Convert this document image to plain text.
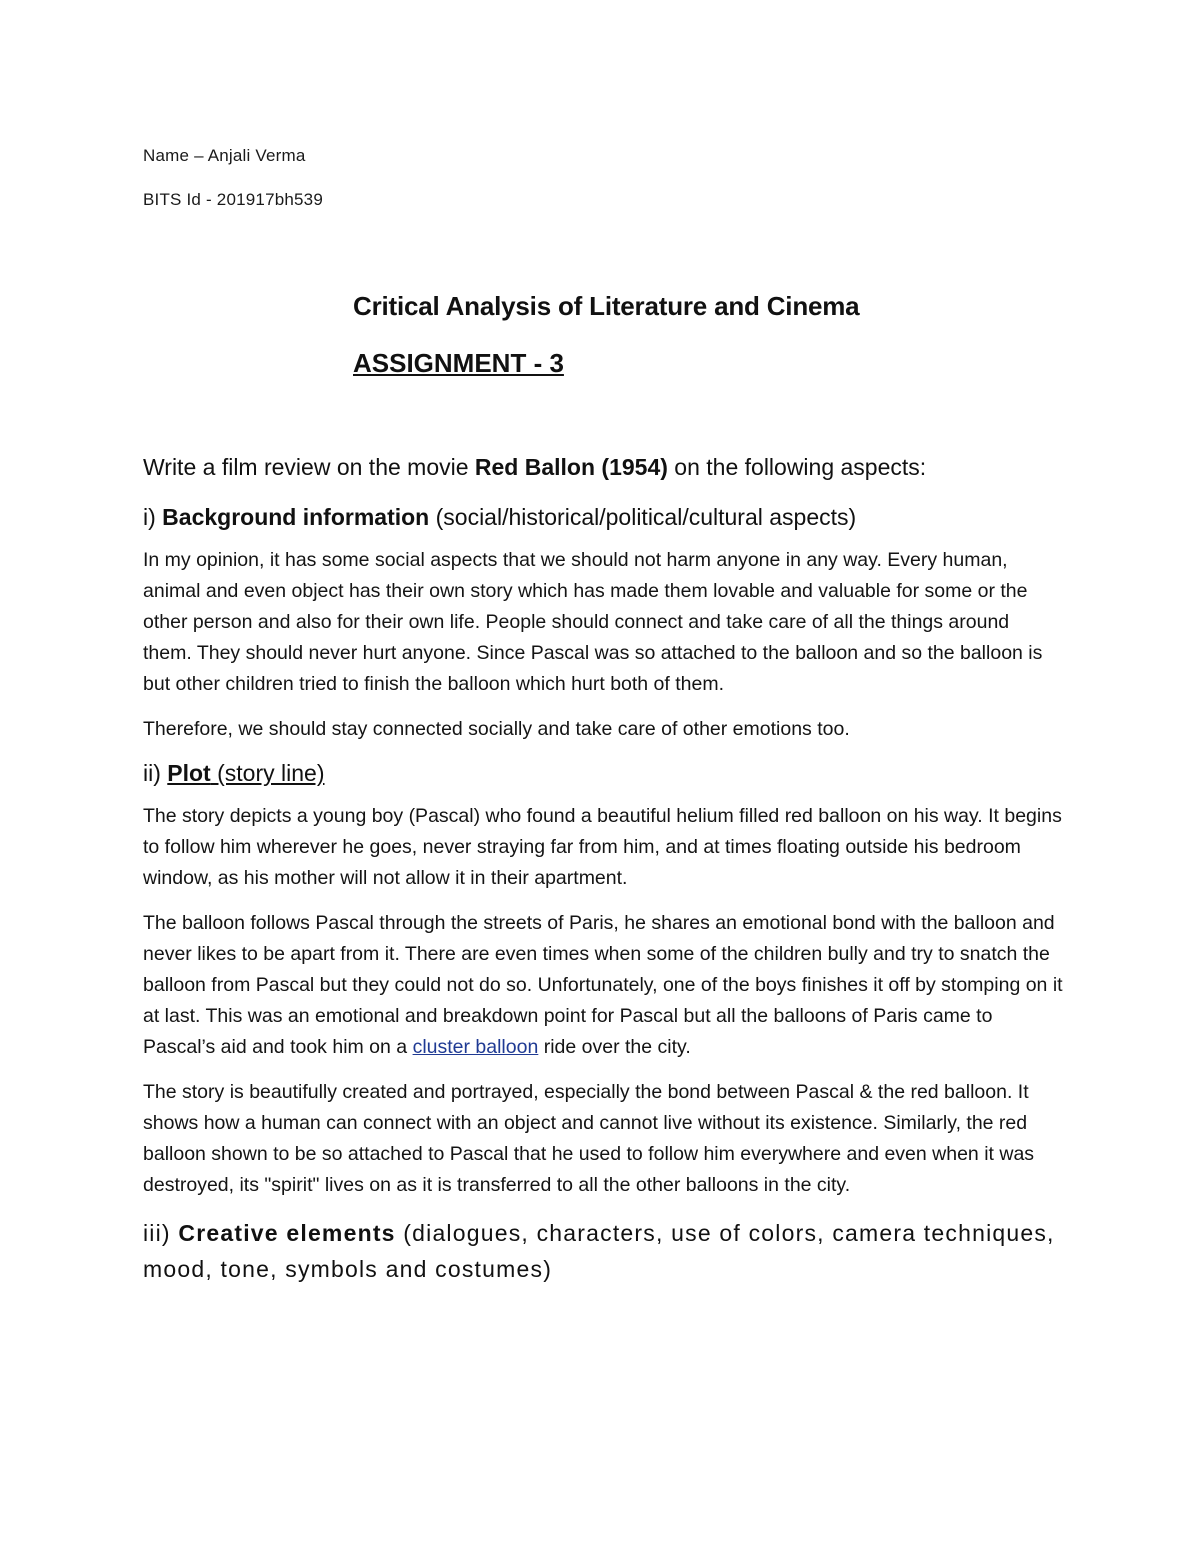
Name – Anjali Verma
BITS Id - 201917bh539
Critical Analysis of Literature and Cinema
ASSIGNMENT - 3
Write a film review on the movie Red Ballon (1954) on the following aspects:
i) Background information (social/historical/political/cultural aspects)

In my opinion, it has some social aspects that we should not harm anyone in any way. Every human, animal and even object has their own story which has made them lovable and valuable for some or the other person and also for their own life. People should connect and take care of all the things around them. They should never hurt anyone. Since Pascal was so attached to the balloon and so the balloon is but other children tried to finish the balloon which hurt both of them.

Therefore, we should stay connected socially and take care of other emotions too.

ii) Plot (story line)

The story depicts a young boy (Pascal) who found a beautiful helium filled red balloon on his way. It begins to follow him wherever he goes, never straying far from him, and at times floating outside his bedroom window, as his mother will not allow it in their apartment.

The balloon follows Pascal through the streets of Paris, he shares an emotional bond with the balloon and never likes to be apart from it. There are even times when some of the children bully and try to snatch the balloon from Pascal but they could not do so. Unfortunately, one of the boys finishes it off by stomping on it at last. This was an emotional and breakdown point for Pascal but all the balloons of Paris came to Pascal’s aid and took him on a cluster balloon ride over the city.

The story is beautifully created and portrayed, especially the bond between Pascal & the red balloon. It shows how a human can connect with an object and cannot live without its existence. Similarly, the red balloon shown to be so attached to Pascal that he used to follow him everywhere and even when it was destroyed, its "spirit" lives on as it is transferred to all the other balloons in the city.

iii) Creative elements (dialogues, characters, use of colors, camera techniques, mood, tone, symbols and costumes)
